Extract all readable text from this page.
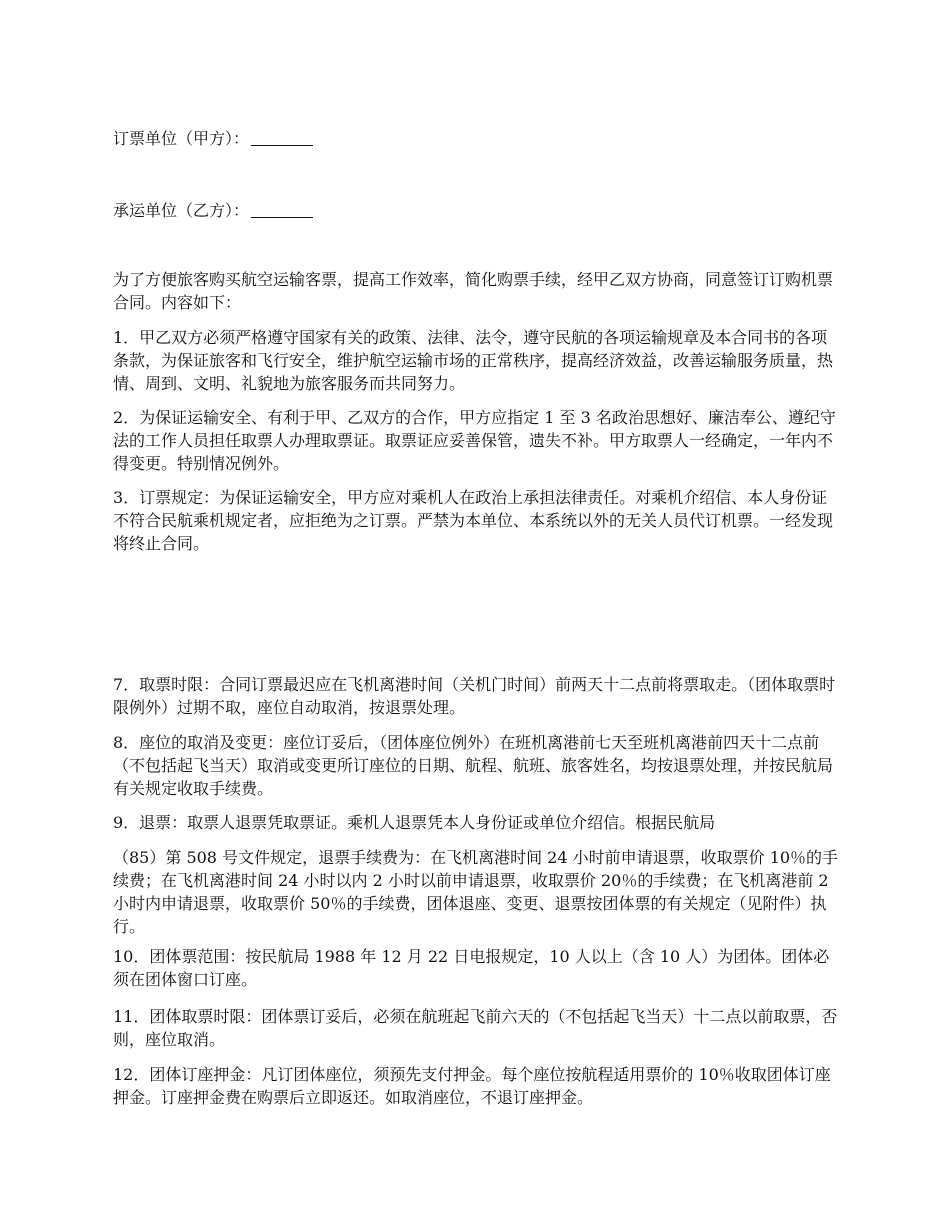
订票单位（甲方）：
承运单位（乙方）：
为了方便旅客购买航空运输客票，提高工作效率，简化购票手续，经甲乙双方协商，同意签订订购机票合同。内容如下：
1．甲乙双方必须严格遵守国家有关的政策、法律、法令，遵守民航的各项运输规章及本合同书的各项条款，为保证旅客和飞行安全，维护航空运输市场的正常秩序，提高经济效益，改善运输服务质量，热情、周到、文明、礼貌地为旅客服务而共同努力。
2．为保证运输安全、有利于甲、乙双方的合作，甲方应指定 1 至 3 名政治思想好、廉洁奉公、遵纪守法的工作人员担任取票人办理取票证。取票证应妥善保管，遗失不补。甲方取票人一经确定，一年内不得变更。特别情况例外。
3．订票规定：为保证运输安全，甲方应对乘机人在政治上承担法律责任。对乘机介绍信、本人身份证不符合民航乘机规定者，应拒绝为之订票。严禁为本单位、本系统以外的无关人员代订机票。一经发现将终止合同。
7．取票时限：合同订票最迟应在飞机离港时间（关机门时间）前两天十二点前将票取走。（团体取票时限例外）过期不取，座位自动取消，按退票处理。
8．座位的取消及变更：座位订妥后，（团体座位例外）在班机离港前七天至班机离港前四天十二点前（不包括起飞当天）取消或变更所订座位的日期、航程、航班、旅客姓名，均按退票处理，并按民航局有关规定收取手续费。
9．退票：取票人退票凭取票证。乘机人退票凭本人身份证或单位介绍信。根据民航局
（85）第 508 号文件规定，退票手续费为：在飞机离港时间 24 小时前申请退票，收取票价 10％的手续费；在飞机离港时间 24 小时以内 2 小时以前申请退票，收取票价 20％的手续费；在飞机离港前 2 小时内申请退票，收取票价 50％的手续费，团体退座、变更、退票按团体票的有关规定（见附件）执行。
10．团体票范围：按民航局 1988 年 12 月 22 日电报规定，10 人以上（含 10 人）为团体。团体必须在团体窗口订座。
11．团体取票时限：团体票订妥后，必须在航班起飞前六天的（不包括起飞当天）十二点以前取票，否则，座位取消。
12．团体订座押金：凡订团体座位，须预先支付押金。每个座位按航程适用票价的 10％收取团体订座押金。订座押金费在购票后立即返还。如取消座位，不退订座押金。
